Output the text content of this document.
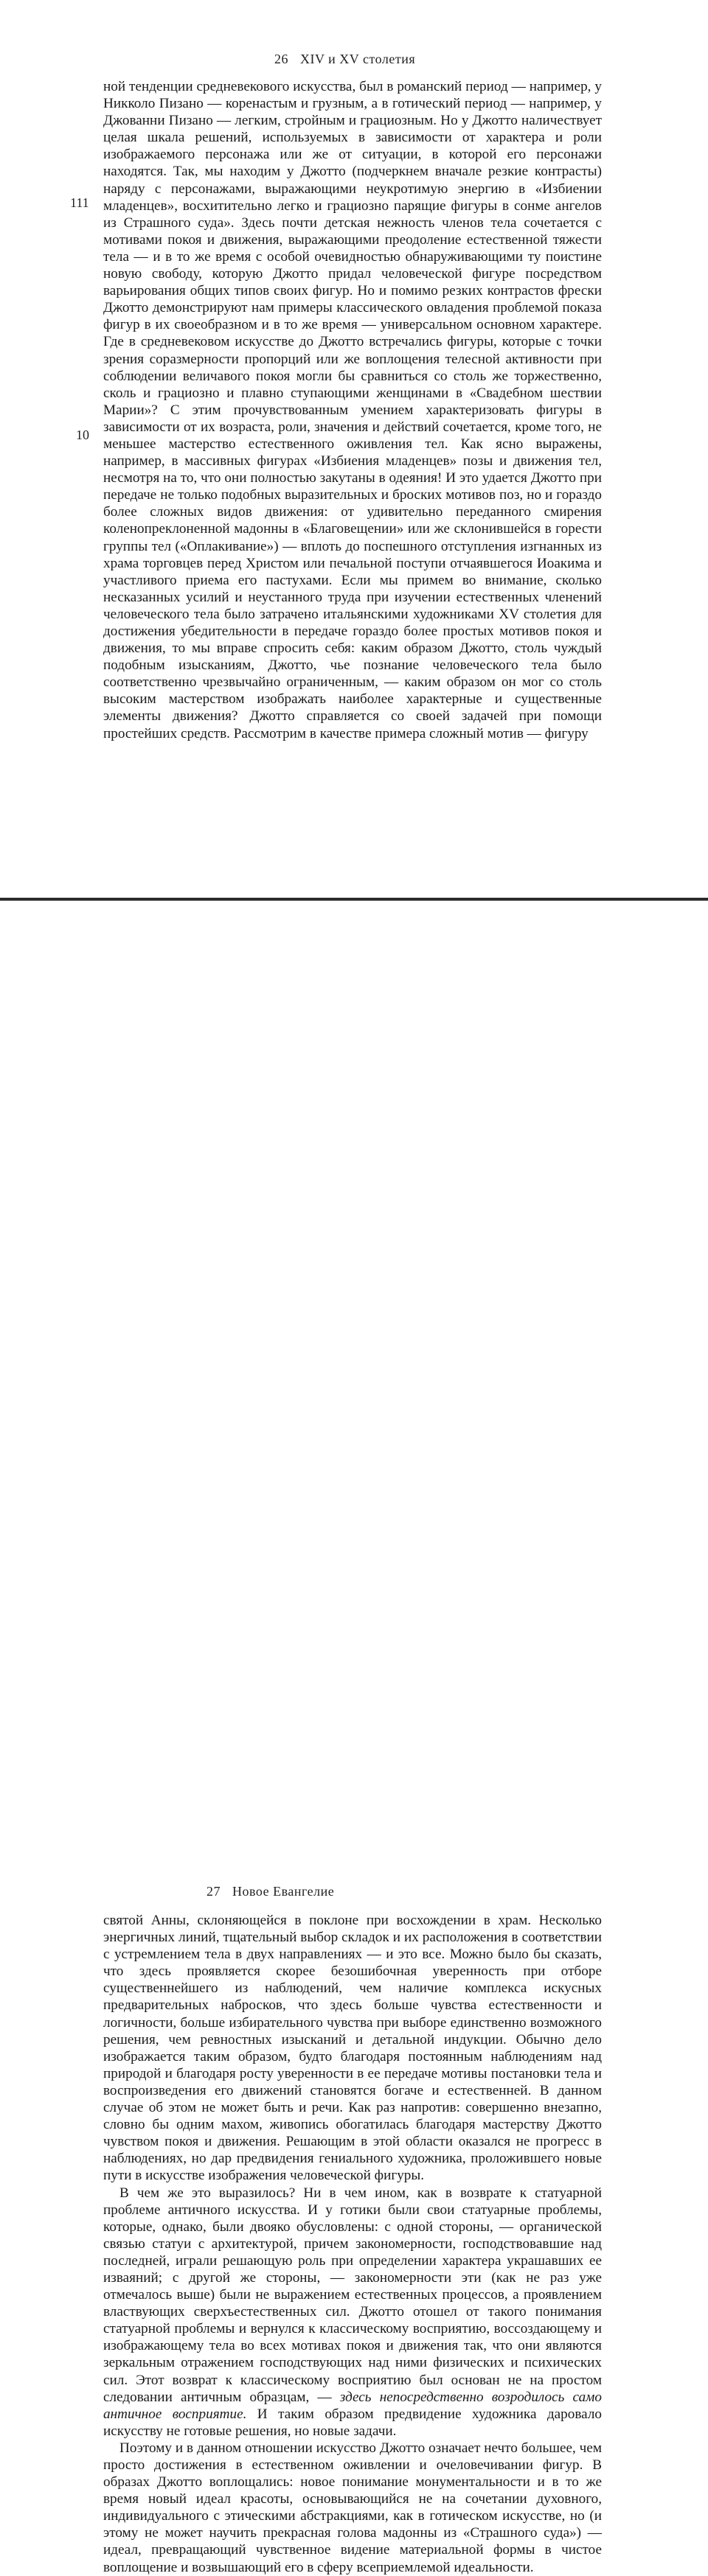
26 XIV и XV столетия
111
10

ной тенденции средневекового искусства, был в романский период — например, у Никколо Пизано — коренастым и грузным, а в готический период — например, у Джованни Пизано — легким, стройным и грациозным. Но у Джотто наличествует целая шкала решений, используемых в зависимости от характера и роли изображаемого персонажа или же от ситуации, в которой его персонажи находятся. Так, мы находим у Джотто (подчеркнем вначале резкие контрасты) наряду с персонажами, выражающими неукротимую энергию в «Избиении младенцев», восхитительно легко и грациозно парящие фигуры в сонме ангелов из Страшного суда». Здесь почти детская нежность членов тела сочетается с мотивами покоя и движения, выражающими преодоление естественной тяжести тела — и в то же время с особой очевидностью обнаруживающими ту поистине новую свободу, которую Джотто придал человеческой фигуре посредством варьирования общих типов своих фигур. Но и помимо резких контрастов фрески Джотто демонстрируют нам примеры классического овладения проблемой показа фигур в их своеобразном и в то же время — универсальном основном характере. Где в средневековом искусстве до Джотто встречались фигуры, которые с точки зрения соразмерности пропорций или же воплощения телесной активности при соблюдении величавого покоя могли бы сравниться со столь же торжественно, сколь и грациозно и плавно ступающими женщинами в «Свадебном шествии Марии»? С этим прочувствованным умением характеризовать фигуры в зависимости от их возраста, роли, значения и действий сочетается, кроме того, не меньшее мастерство естественного оживления тел. Как ясно выражены, например, в массивных фигурах «Избиения младенцев» позы и движения тел, несмотря на то, что они полностью закутаны в одеяния! И это удается Джотто при передаче не только подобных выразительных и броских мотивов поз, но и гораздо более сложных видов движения: от удивительно переданного смирения коленопреклоненной мадонны в «Благовещении» или же склонившейся в горести группы тел («Оплакивание») — вплоть до поспешного отступления изгнанных из храма торговцев перед Христом или печальной поступи отчаявшегося Иоакима и участливого приема его пастухами. Если мы примем во внимание, сколько несказанных усилий и неустанного труда при изучении естественных членений человеческого тела было затрачено итальянскими художниками XV столетия для достижения убедительности в передаче гораздо более простых мотивов покоя и движения, то мы вправе спросить себя: каким образом Джотто, столь чуждый подобным изысканиям, Джотто, чье познание человеческого тела было соответственно чрезвычайно ограниченным, — каким образом он мог со столь высоким мастерством изображать наиболее характерные и существенные элементы движения? Джотто справляется со своей задачей при помощи простейших средств. Рассмотрим в качестве примера сложный мотив — фигуру

27 Новое Евангелие

святой Анны, склоняющейся в поклоне при восхождении в храм. Несколько энергичных линий, тщательный выбор складок и их расположения в соответствии с устремлением тела в двух направлениях — и это все. Можно было бы сказать, что здесь проявляется скорее безошибочная уверенность при отборе существеннейшего из наблюдений, чем наличие комплекса искусных предварительных набросков, что здесь больше чувства естественности и логичности, больше избирательного чувства при выборе единственно возможного решения, чем ревностных изысканий и детальной индукции. Обычно дело изображается таким образом, будто благодаря постоянным наблюдениям над природой и благодаря росту уверенности в ее передаче мотивы постановки тела и воспроизведения его движений становятся богаче и естественней. В данном случае об этом не может быть и речи. Как раз напротив: совершенно внезапно, словно бы одним махом, живопись обогатилась благодаря мастерству Джотто чувством покоя и движения. Решающим в этой области оказался не прогресс в наблюдениях, но дар предвидения гениального художника, проложившего новые пути в искусстве изображения человеческой фигуры.

В чем же это выразилось? Ни в чем ином, как в возврате к статуарной проблеме античного искусства. И у готики были свои статуарные проблемы, которые, однако, были двояко обусловлены: с одной стороны, — органической связью статуи с архитектурой, причем закономерности, господствовавшие над последней, играли решающую роль при определении характера украшавших ее изваяний; с другой же стороны, — закономерности эти (как не раз уже отмечалось выше) были не выражением естественных процессов, а проявлением властвующих сверхъестественных сил. Джотто отошел от такого понимания статуарной проблемы и вернулся к классическому восприятию, воссоздающему и изображающему тела во всех мотивах покоя и движения так, что они являются зеркальным отражением господствующих над ними физических и психических сил. Этот возврат к классическому восприятию был основан не на простом следовании античным образцам, — здесь непосредственно возродилось само античное восприятие. И таким образом предвидение художника даровало искусству не готовые решения, но новые задачи.

Поэтому и в данном отношении искусство Джотто означает нечто большее, чем просто достижения в естественном оживлении и очеловечивании фигур. В образах Джотто воплощались: новое понимание монументальности и в то же время новый идеал красоты, основывающийся не на сочетании духовного, индивидуального с этическими абстракциями, как в готическом искусстве, но (и этому не может научить прекрасная голова мадонны из «Страшного суда») — идеал, превращающий чувственное видение материальной формы в чистое воплощение и возвышающий его в сферу всеприемлемой идеальности.
